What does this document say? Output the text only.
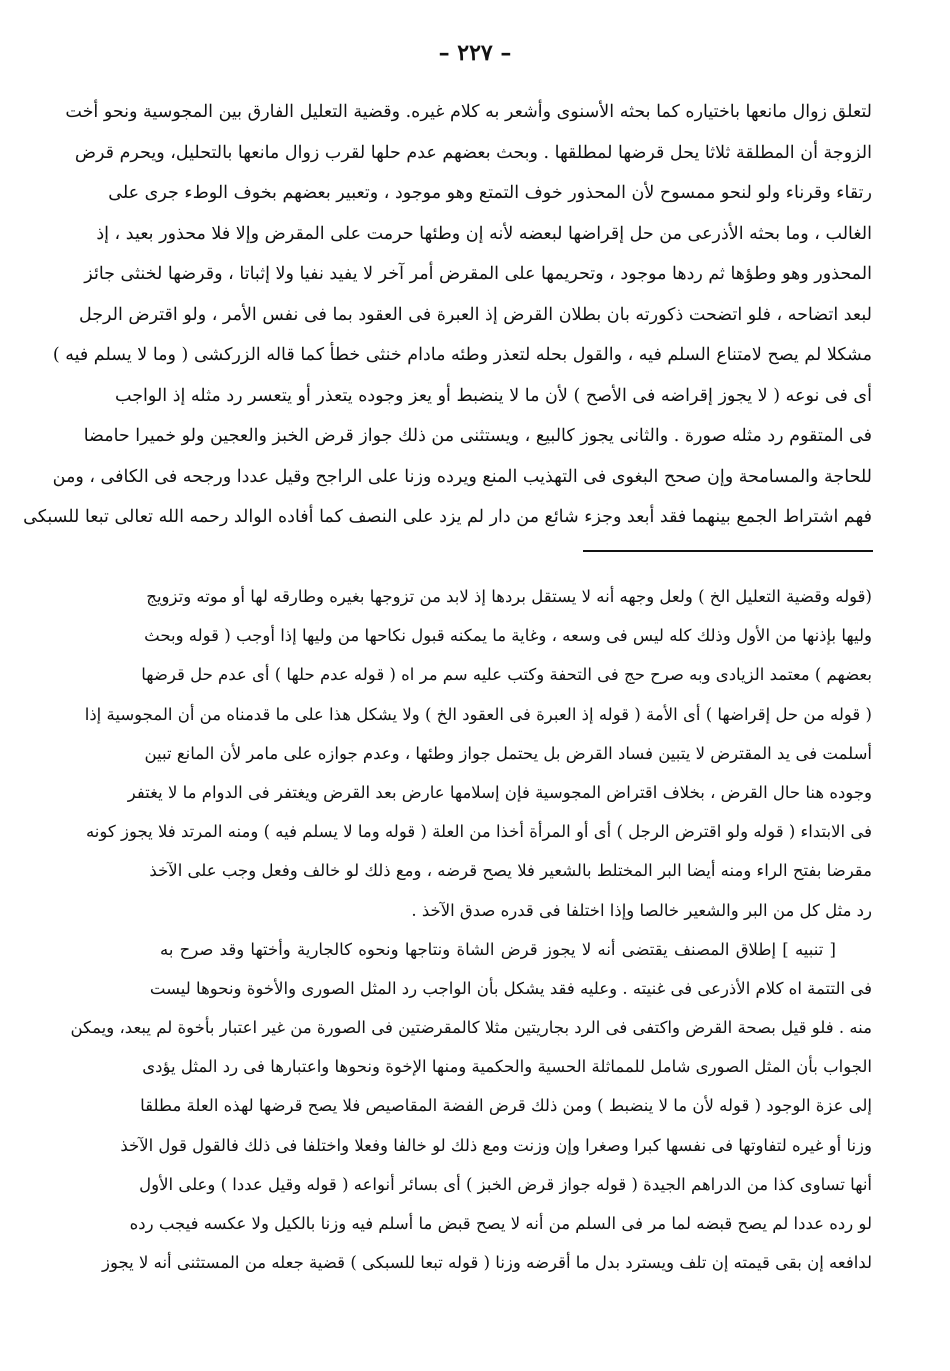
– ٢٢٧ –
لتعلق زوال مانعها باختياره كما بحثه الأسنوى وأشعر به كلام غيره. وقضية التعليل الفارق بين المجوسية ونحو أخت
الزوجة أن المطلقة ثلاثا يحل قرضها لمطلقها . وبحث بعضهم عدم حلها لقرب زوال مانعها بالتحليل، ويحرم قرض
رتقاء وقرناء ولو لنحو ممسوح لأن المحذور خوف التمتع وهو موجود ، وتعبير بعضهم بخوف الوطء جرى على
الغالب ، وما بحثه الأذرعى من حل إقراضها لبعضه لأنه إن وطئها حرمت على المقرض وإلا فلا محذور بعيد ، إذ
المحذور وهو وطؤها ثم ردها موجود ، وتحريمها على المقرض أمر آخر لا يفيد نفيا ولا إثباتا ، وقرضها لخنثى جائز
لبعد اتضاحه ، فلو اتضحت ذكورته بان بطلان القرض إذ العبرة فى العقود بما فى نفس الأمر ، ولو اقترض الرجل
مشكلا لم يصح لامتناع السلم فيه ، والقول بحله لتعذر وطئه مادام خنثى خطأ كما قاله الزركشى ( وما لا يسلم فيه )
أى فى نوعه ( لا يجوز إقراضه فى الأصح ) لأن ما لا ينضبط أو يعز وجوده يتعذر أو يتعسر رد مثله إذ الواجب
فى المتقوم رد مثله صورة . والثانى يجوز كالبيع ، ويستثنى من ذلك جواز قرض الخبز والعجين ولو خميرا حامضا
للحاجة والمسامحة وإن صحح البغوى فى التهذيب المنع ويرده وزنا على الراجح وقيل عددا ورجحه فى الكافى ، ومن
فهم اشتراط الجمع بينهما فقد أبعد وجزء شائع من دار لم يزد على النصف كما أفاده الوالد رحمه الله تعالى تبعا للسبكى
(قوله وقضية التعليل الخ ) ولعل وجهه أنه لا يستقل بردها إذ لابد من تزوجها بغيره وطارقه لها أو موته وتزويج
وليها بإذنها من الأول وذلك كله ليس فى وسعه ، وغاية ما يمكنه قبول نكاحها من وليها إذا أوجب ( قوله وبحث
بعضهم ) معتمد الزيادى وبه صرح حج فى التحفة وكتب عليه سم مر اه ( قوله عدم حلها ) أى عدم حل قرضها
( قوله من حل إقراضها ) أى الأمة ( قوله إذ العبرة فى العقود الخ ) ولا يشكل هذا على ما قدمناه من أن المجوسية إذا
أسلمت فى يد المقترض لا يتبين فساد القرض بل يحتمل جواز وطئها ، وعدم جوازه على مامر لأن المانع تبين
وجوده هنا حال القرض ، بخلاف اقتراض المجوسية فإن إسلامها عارض بعد القرض ويغتفر فى الدوام ما لا يغتفر
فى الابتداء ( قوله ولو اقترض الرجل ) أى أو المرأة أخذا من العلة ( قوله وما لا يسلم فيه ) ومنه المرتد فلا يجوز كونه
مقرضا بفتح الراء ومنه أيضا البر المختلط بالشعير فلا يصح قرضه ، ومع ذلك لو خالف وفعل وجب على الآخذ
رد مثل كل من البر والشعير خالصا وإذا اختلفا فى قدره صدق الآخذ .
[ تنبيه ] إطلاق المصنف يقتضى أنه لا يجوز قرض الشاة ونتاجها ونحوه كالجارية وأختها وقد صرح به
فى التتمة اه كلام الأذرعى فى غنيته . وعليه فقد يشكل بأن الواجب رد المثل الصورى والأخوة ونحوها ليست
منه . فلو قيل بصحة القرض واكتفى فى الرد بجاريتين مثلا كالمقرضتين فى الصورة من غير اعتبار بأخوة لم يبعد، ويمكن
الجواب بأن المثل الصورى شامل للمماثلة الحسية والحكمية ومنها الإخوة ونحوها واعتبارها فى رد المثل يؤدى
إلى عزة الوجود ( قوله لأن ما لا ينضبط ) ومن ذلك قرض الفضة المقاصيص فلا يصح قرضها لهذه العلة مطلقا
وزنا أو غيره لتفاوتها فى نفسها كبرا وصغرا وإن وزنت ومع ذلك لو خالفا وفعلا واختلفا فى ذلك فالقول قول الآخذ
أنها تساوى كذا من الدراهم الجيدة ( قوله جواز قرض الخبز ) أى بسائر أنواعه ( قوله وقيل عددا ) وعلى الأول
لو رده عددا لم يصح قبضه لما مر فى السلم من أنه لا يصح قبض ما أسلم فيه وزنا بالكيل ولا عكسه فيجب رده
لدافعه إن بقى قيمته إن تلف ويسترد بدل ما أقرضه وزنا ( قوله تبعا للسبكى ) قضية جعله من المستثنى أنه لا يجوز
